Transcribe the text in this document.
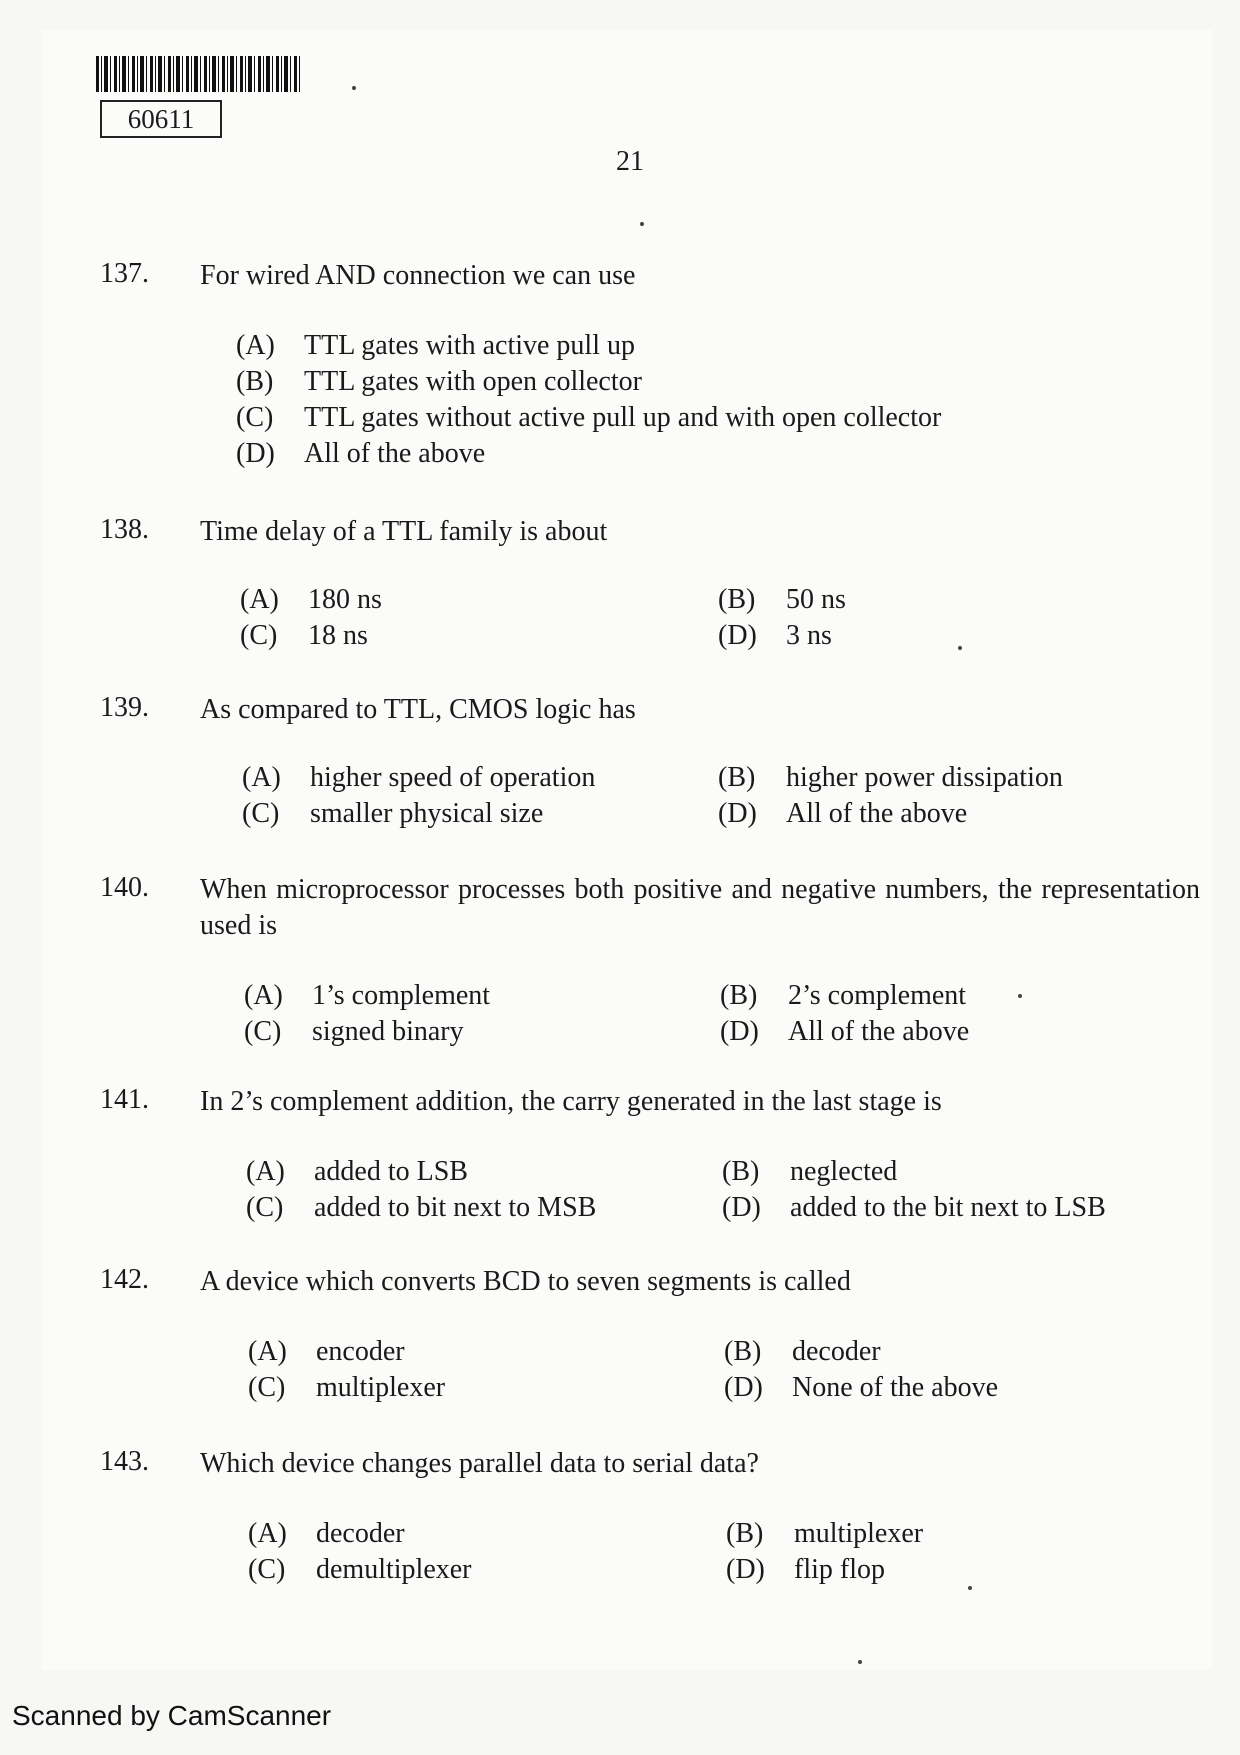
60611
21
137.	For wired AND connection we can use
(A) TTL gates with active pull up
(B) TTL gates with open collector
(C) TTL gates without active pull up and with open collector
(D) All of the above
138.	Time delay of a TTL family is about
(A) 180 ns	(B) 50 ns
(C) 18 ns	(D) 3 ns
139.	As compared to TTL, CMOS logic has
(A) higher speed of operation	(B) higher power dissipation
(C) smaller physical size	(D) All of the above
140.	When microprocessor processes both positive and negative numbers, the representation used is
(A) 1’s complement	(B) 2’s complement
(C) signed binary	(D) All of the above
141.	In 2’s complement addition, the carry generated in the last stage is
(A) added to LSB	(B) neglected
(C) added to bit next to MSB	(D) added to the bit next to LSB
142.	A device which converts BCD to seven segments is called
(A) encoder	(B) decoder
(C) multiplexer	(D) None of the above
143.	Which device changes parallel data to serial data?
(A) decoder	(B) multiplexer
(C) demultiplexer	(D) flip flop
Scanned by CamScanner
